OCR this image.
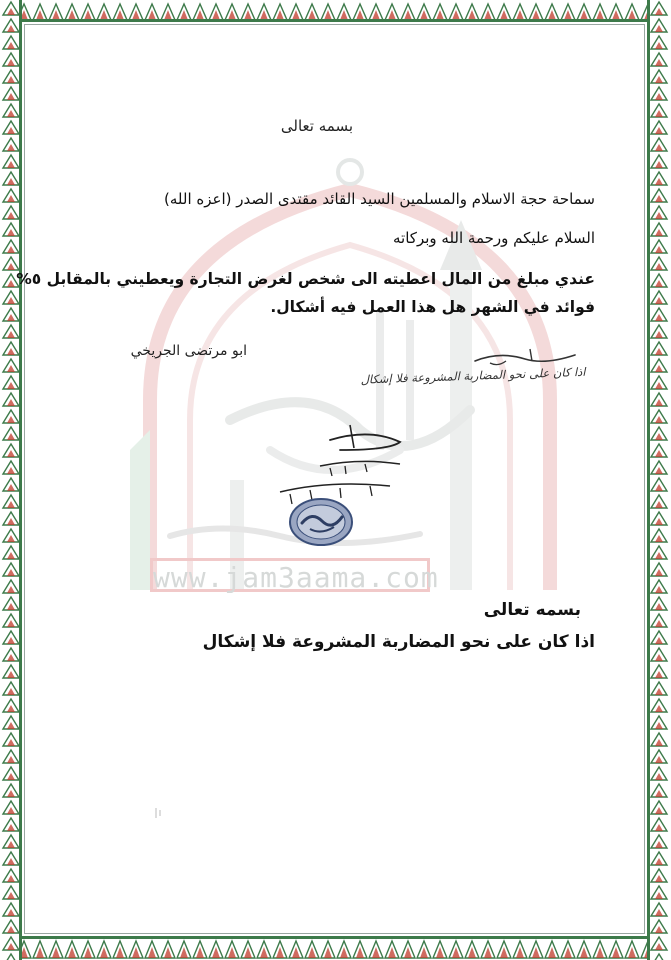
www.jam3aama.com
بسمه تعالى
سماحة حجة الاسلام والمسلمين السيد القائد مقتدى الصدر (اعزه الله)
السلام عليكم ورحمة الله وبركاته
عندي مبلغ من المال اعطيته الى شخص لغرض التجارة ويعطيني بالمقابل ٥%
فوائد في الشهر هل هذا العمل فيه أشكال.
ابو مرتضى الجريخي
اذا كان على نحو المضاربة المشروعة فلا إشكال
بسمه تعالى
اذا كان على نحو المضاربة المشروعة فلا إشكال
